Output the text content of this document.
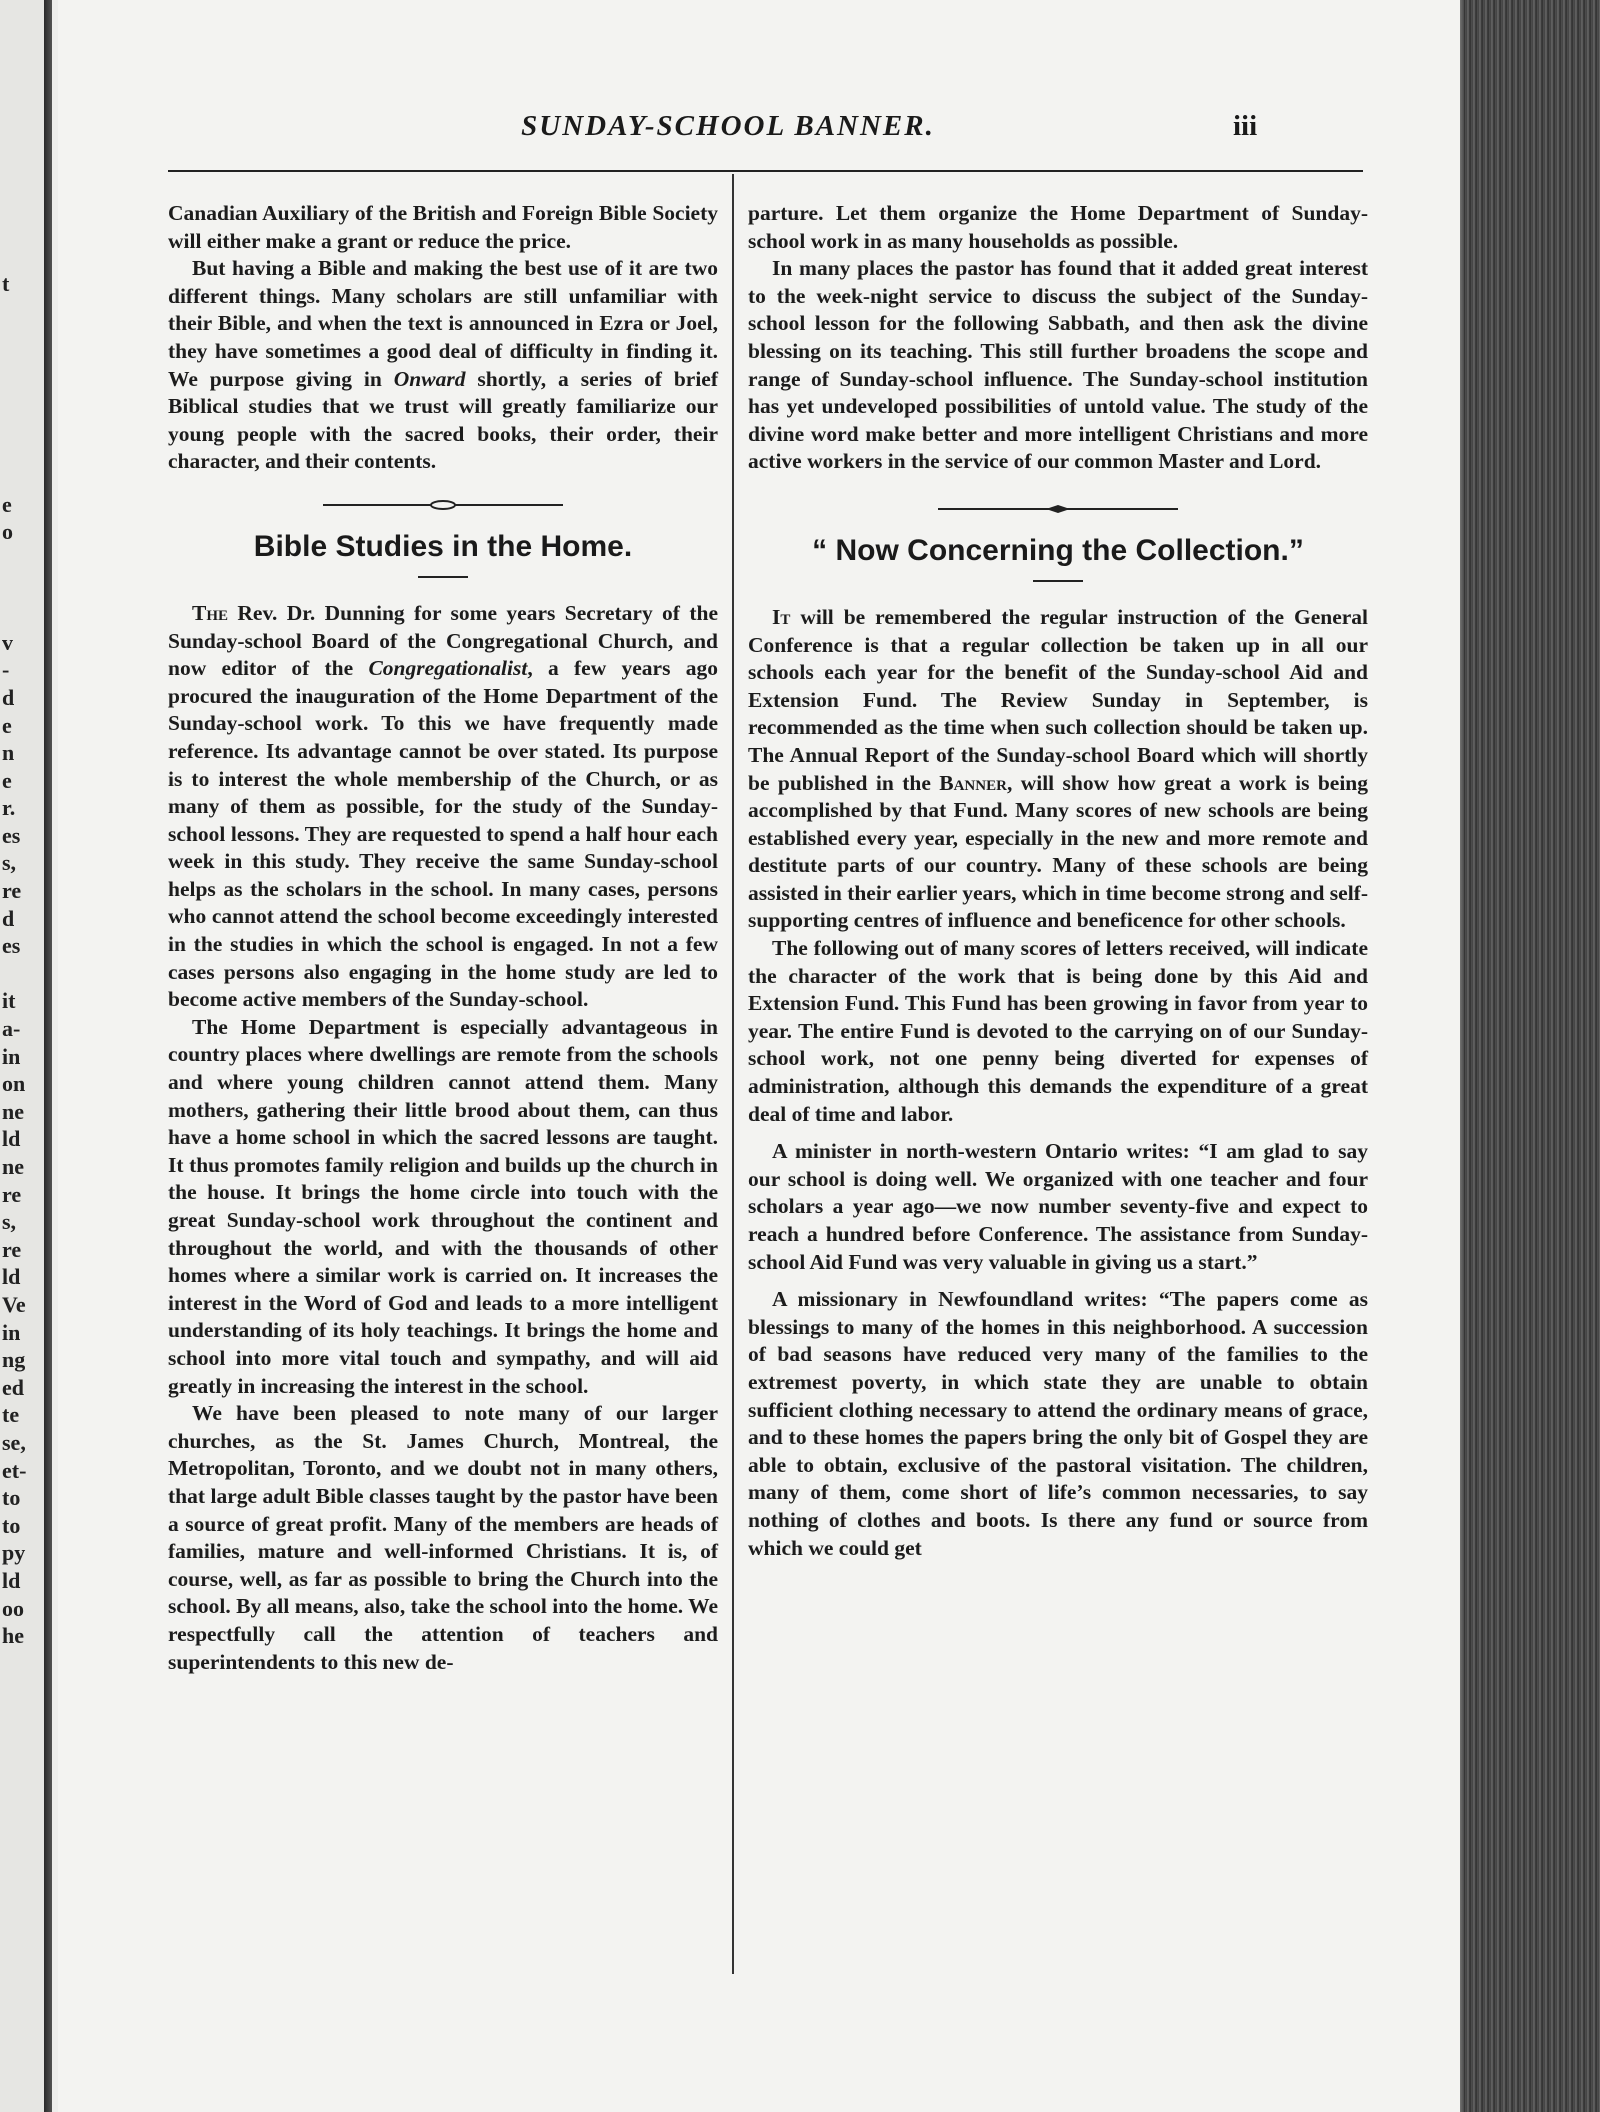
t
e
o
v
-
d
e
n
e
r.
es
s,
re
d
es
it
a-
in
on
ne
ld
ne
re
s,
re
ld
Ve
in
ng
ed
te
se,
et-
to
to
py
ld
oo
he
SUNDAY-SCHOOL BANNER.	iii

Canadian Auxiliary of the British and Foreign Bible Society will either make a grant or reduce the price.

But having a Bible and making the best use of it are two different things. Many scholars are still unfamiliar with their Bible, and when the text is announced in Ezra or Joel, they have sometimes a good deal of difficulty in finding it. We purpose giving in Onward shortly, a series of brief Biblical studies that we trust will greatly familiarize our young people with the sacred books, their order, their character, and their contents.

Bible Studies in the Home.

The Rev. Dr. Dunning for some years Secretary of the Sunday-school Board of the Congregational Church, and now editor of the Congregationalist, a few years ago procured the inauguration of the Home Department of the Sunday-school work. To this we have frequently made reference. Its advantage cannot be over stated. Its purpose is to interest the whole membership of the Church, or as many of them as possible, for the study of the Sunday-school lessons. They are requested to spend a half hour each week in this study. They receive the same Sunday-school helps as the scholars in the school. In many cases, persons who cannot attend the school become exceedingly interested in the studies in which the school is engaged. In not a few cases persons also engaging in the home study are led to become active members of the Sunday-school.

The Home Department is especially advantageous in country places where dwellings are remote from the schools and where young children cannot attend them. Many mothers, gathering their little brood about them, can thus have a home school in which the sacred lessons are taught. It thus promotes family religion and builds up the church in the house. It brings the home circle into touch with the great Sunday-school work throughout the continent and throughout the world, and with the thousands of other homes where a similar work is carried on. It increases the interest in the Word of God and leads to a more intelligent understanding of its holy teachings. It brings the home and school into more vital touch and sympathy, and will aid greatly in increasing the interest in the school.

We have been pleased to note many of our larger churches, as the St. James Church, Montreal, the Metropolitan, Toronto, and we doubt not in many others, that large adult Bible classes taught by the pastor have been a source of great profit. Many of the members are heads of families, mature and well-informed Christians. It is, of course, well, as far as possible to bring the Church into the school. By all means, also, take the school into the home. We respectfully call the attention of teachers and superintendents to this new de-

parture. Let them organize the Home Department of Sunday-school work in as many households as possible.

In many places the pastor has found that it added great interest to the week-night service to discuss the subject of the Sunday-school lesson for the following Sabbath, and then ask the divine blessing on its teaching. This still further broadens the scope and range of Sunday-school influence. The Sunday-school institution has yet undeveloped possibilities of untold value. The study of the divine word make better and more intelligent Christians and more active workers in the service of our common Master and Lord.

“ Now Concerning the Collection.”

It will be remembered the regular instruction of the General Conference is that a regular collection be taken up in all our schools each year for the benefit of the Sunday-school Aid and Extension Fund. The Review Sunday in September, is recommended as the time when such collection should be taken up. The Annual Report of the Sunday-school Board which will shortly be published in the Banner, will show how great a work is being accomplished by that Fund. Many scores of new schools are being established every year, especially in the new and more remote and destitute parts of our country. Many of these schools are being assisted in their earlier years, which in time become strong and self-supporting centres of influence and beneficence for other schools.

The following out of many scores of letters received, will indicate the character of the work that is being done by this Aid and Extension Fund. This Fund has been growing in favor from year to year. The entire Fund is devoted to the carrying on of our Sunday-school work, not one penny being diverted for expenses of administration, although this demands the expenditure of a great deal of time and labor.

A minister in north-western Ontario writes: “I am glad to say our school is doing well. We organized with one teacher and four scholars a year ago—we now number seventy-five and expect to reach a hundred before Conference. The assistance from Sunday-school Aid Fund was very valuable in giving us a start.”

A missionary in Newfoundland writes: “The papers come as blessings to many of the homes in this neighborhood. A succession of bad seasons have reduced very many of the families to the extremest poverty, in which state they are unable to obtain sufficient clothing necessary to attend the ordinary means of grace, and to these homes the papers bring the only bit of Gospel they are able to obtain, exclusive of the pastoral visitation. The children, many of them, come short of life’s common necessaries, to say nothing of clothes and boots. Is there any fund or source from which we could get
